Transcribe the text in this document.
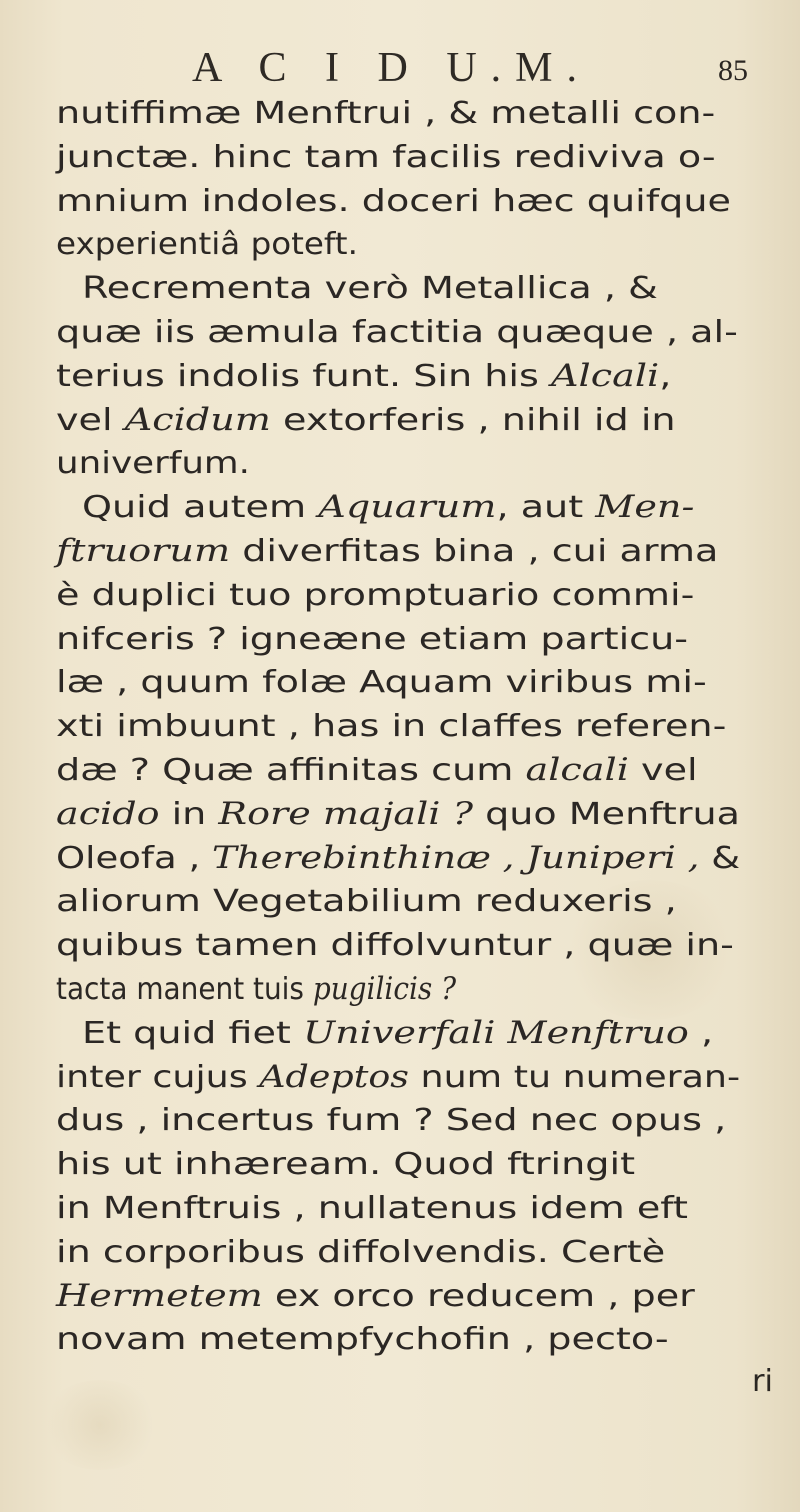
A C I D U.M.	85
nutiffimæ Menftrui , & metalli con-
junctæ. hinc tam facilis rediviva o-
mnium indoles. doceri hæc quifque
experientiâ poteft.
Recrementa verò Metallica , &
quæ iis æmula factitia quæque , al-
terius indolis funt. Sin his Alcali,
vel Acidum extorferis , nihil id in
univerfum.
Quid autem Aquarum, aut Men-
ftruorum diverfitas bina , cui arma
è duplici tuo promptuario commi-
nifceris ? igneæne etiam particu-
læ , quum folæ Aquam viribus mi-
xti imbuunt , has in claffes referen-
dæ ? Quæ affinitas cum alcali vel
acido in Rore majali ? quo Menftrua
Oleofa , Therebinthinæ , Juniperi , &
aliorum Vegetabilium reduxeris ,
quibus tamen diffolvuntur , quæ in-
tacta manent tuis pugilicis ?
Et quid fiet Univerfali Menftruo ,
inter cujus Adeptos num tu numeran-
dus , incertus fum ? Sed nec opus ,
his ut inhæream. Quod ftringit
in Menftruis , nullatenus idem eft
in corporibus diffolvendis. Certè
Hermetem ex orco reducem , per
novam metempfychofin , pecto-
ri
